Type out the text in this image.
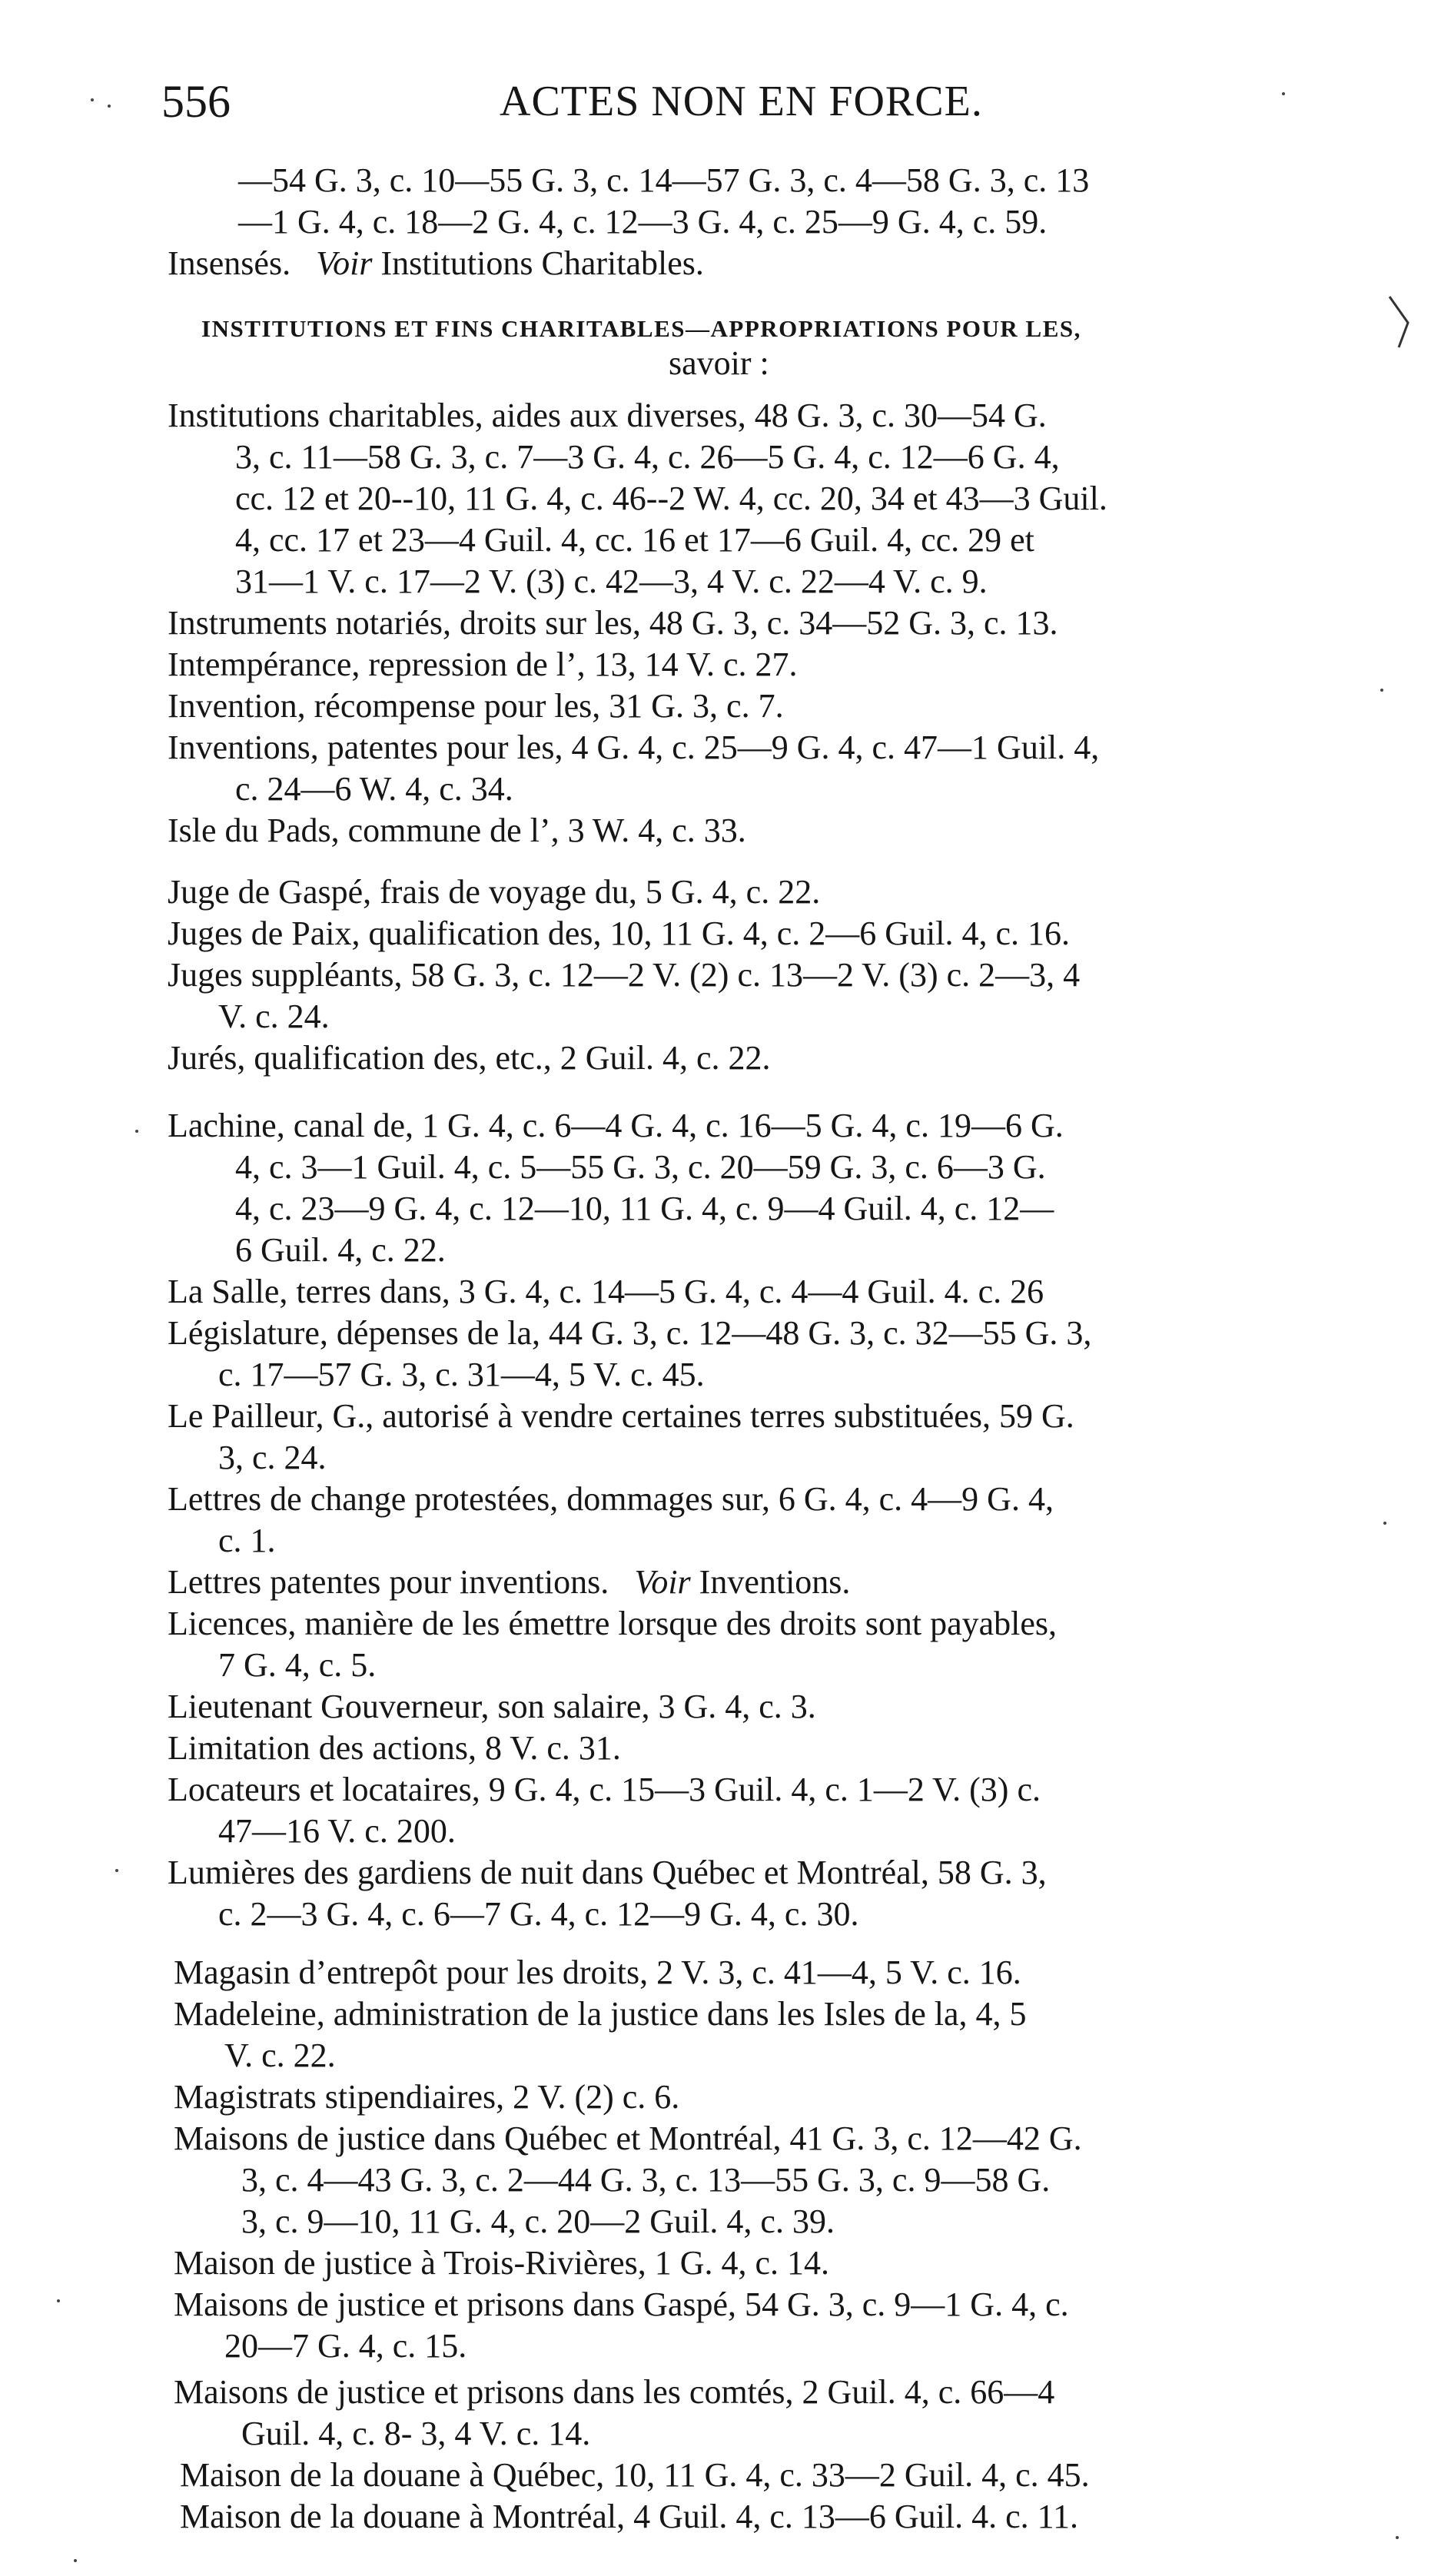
556	ACTES NON EN FORCE.
—54 G. 3, c. 10—55 G. 3, c. 14—57 G. 3, c. 4—58 G. 3, c. 13
—1 G. 4, c. 18—2 G. 4, c. 12—3 G. 4, c. 25—9 G. 4, c. 59.
Insensés. Voir Institutions Charitables.
INSTITUTIONS ET FINS CHARITABLES—APPROPRIATIONS POUR LES,
savoir :
Institutions charitables, aides aux diverses, 48 G. 3, c. 30—54 G.
3, c. 11—58 G. 3, c. 7—3 G. 4, c. 26—5 G. 4, c. 12—6 G. 4,
cc. 12 et 20--10, 11 G. 4, c. 46--2 W. 4, cc. 20, 34 et 43—3 Guil.
4, cc. 17 et 23—4 Guil. 4, cc. 16 et 17—6 Guil. 4, cc. 29 et
31—1 V. c. 17—2 V. (3) c. 42—3, 4 V. c. 22—4 V. c. 9.
Instruments notariés, droits sur les, 48 G. 3, c. 34—52 G. 3, c. 13.
Intempérance, repression de l’, 13, 14 V. c. 27.
Invention, récompense pour les, 31 G. 3, c. 7.
Inventions, patentes pour les, 4 G. 4, c. 25—9 G. 4, c. 47—1 Guil. 4,
c. 24—6 W. 4, c. 34.
Isle du Pads, commune de l’, 3 W. 4, c. 33.
Juge de Gaspé, frais de voyage du, 5 G. 4, c. 22.
Juges de Paix, qualification des, 10, 11 G. 4, c. 2—6 Guil. 4, c. 16.
Juges suppléants, 58 G. 3, c. 12—2 V. (2) c. 13—2 V. (3) c. 2—3, 4
V. c. 24.
Jurés, qualification des, etc., 2 Guil. 4, c. 22.
Lachine, canal de, 1 G. 4, c. 6—4 G. 4, c. 16—5 G. 4, c. 19—6 G.
4, c. 3—1 Guil. 4, c. 5—55 G. 3, c. 20—59 G. 3, c. 6—3 G.
4, c. 23—9 G. 4, c. 12—10, 11 G. 4, c. 9—4 Guil. 4, c. 12—
6 Guil. 4, c. 22.
La Salle, terres dans, 3 G. 4, c. 14—5 G. 4, c. 4—4 Guil. 4. c. 26
Législature, dépenses de la, 44 G. 3, c. 12—48 G. 3, c. 32—55 G. 3,
c. 17—57 G. 3, c. 31—4, 5 V. c. 45.
Le Pailleur, G., autorisé à vendre certaines terres substituées, 59 G.
3, c. 24.
Lettres de change protestées, dommages sur, 6 G. 4, c. 4—9 G. 4,
c. 1.
Lettres patentes pour inventions. Voir Inventions.
Licences, manière de les émettre lorsque des droits sont payables,
7 G. 4, c. 5.
Lieutenant Gouverneur, son salaire, 3 G. 4, c. 3.
Limitation des actions, 8 V. c. 31.
Locateurs et locataires, 9 G. 4, c. 15—3 Guil. 4, c. 1—2 V. (3) c.
47—16 V. c. 200.
Lumières des gardiens de nuit dans Québec et Montréal, 58 G. 3,
c. 2—3 G. 4, c. 6—7 G. 4, c. 12—9 G. 4, c. 30.
Magasin d’entrepôt pour les droits, 2 V. 3, c. 41—4, 5 V. c. 16.
Madeleine, administration de la justice dans les Isles de la, 4, 5
V. c. 22.
Magistrats stipendiaires, 2 V. (2) c. 6.
Maisons de justice dans Québec et Montréal, 41 G. 3, c. 12—42 G.
3, c. 4—43 G. 3, c. 2—44 G. 3, c. 13—55 G. 3, c. 9—58 G.
3, c. 9—10, 11 G. 4, c. 20—2 Guil. 4, c. 39.
Maison de justice à Trois-Rivières, 1 G. 4, c. 14.
Maisons de justice et prisons dans Gaspé, 54 G. 3, c. 9—1 G. 4, c.
20—7 G. 4, c. 15.
Maisons de justice et prisons dans les comtés, 2 Guil. 4, c. 66—4
Guil. 4, c. 8- 3, 4 V. c. 14.
Maison de la douane à Québec, 10, 11 G. 4, c. 33—2 Guil. 4, c. 45.
Maison de la douane à Montréal, 4 Guil. 4, c. 13—6 Guil. 4. c. 11.
